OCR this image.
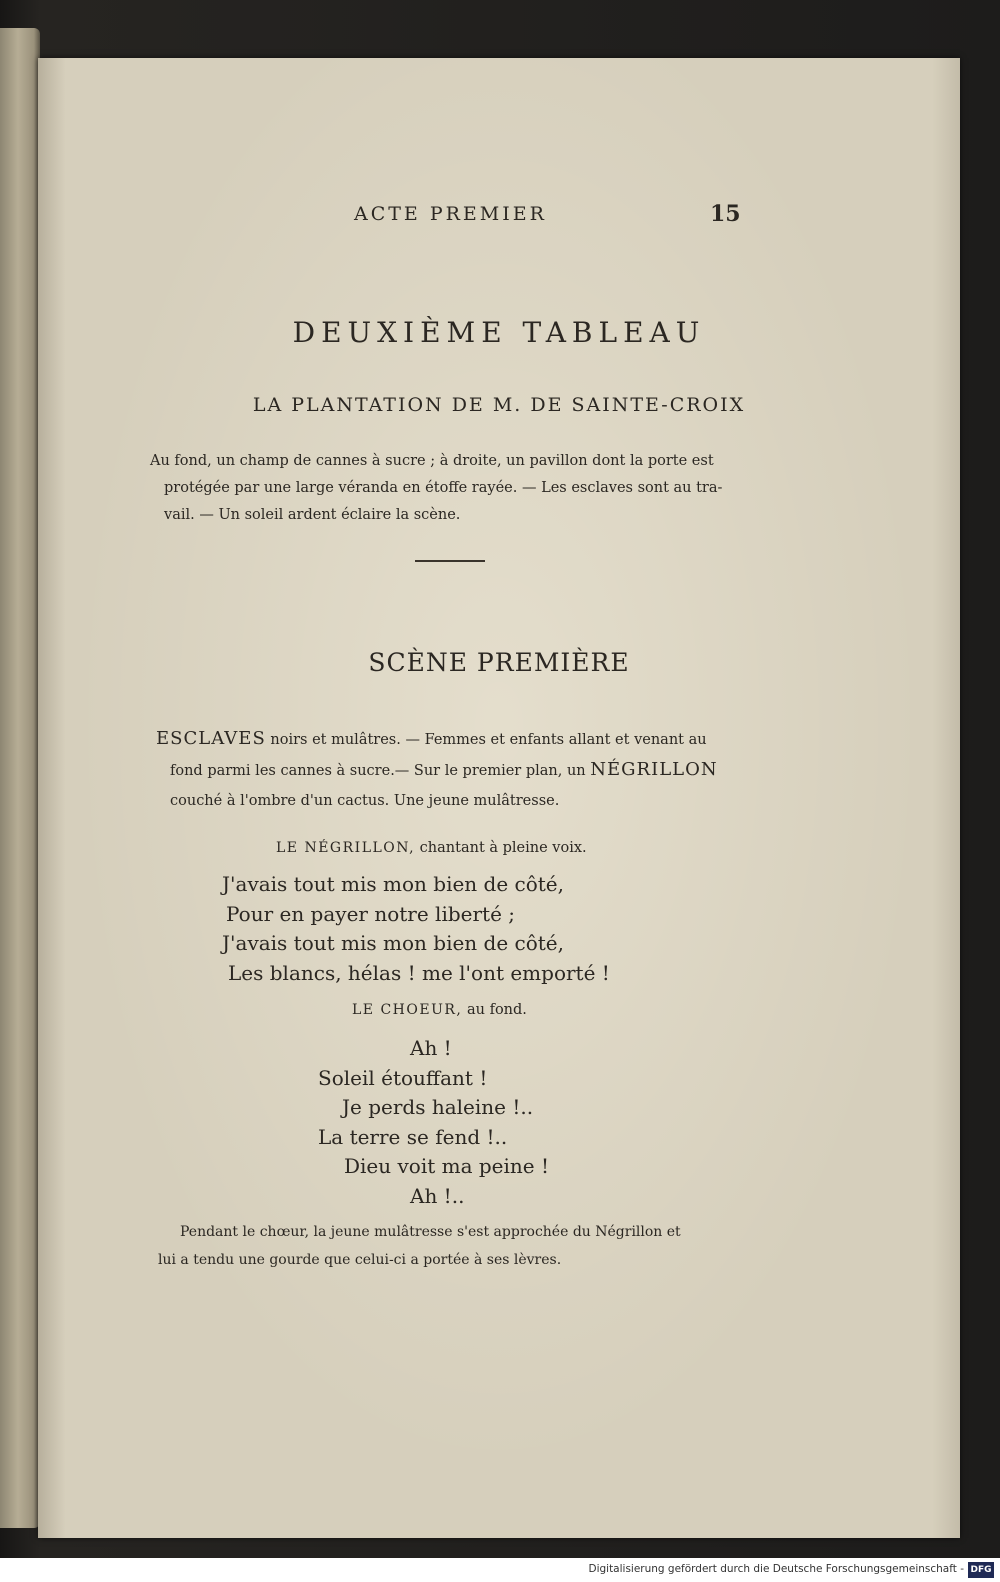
ACTE PREMIER	15
DEUXIÈME TABLEAU
LA PLANTATION DE M. DE SAINTE-CROIX
Au fond, un champ de cannes à sucre ; à droite, un pavillon dont la porte est
protégée par une large véranda en étoffe rayée. — Les esclaves sont au tra-
vail. — Un soleil ardent éclaire la scène.
SCÈNE PREMIÈRE
ESCLAVES noirs et mulâtres. — Femmes et enfants allant et venant au
fond parmi les cannes à sucre.— Sur le premier plan, un NÉGRILLON
couché à l'ombre d'un cactus. Une jeune mulâtresse.
LE NÉGRILLON, chantant à pleine voix.
J'avais tout mis mon bien de côté,
Pour en payer notre liberté ;
J'avais tout mis mon bien de côté,
Les blancs, hélas ! me l'ont emporté !
LE CHOEUR, au fond.
Ah !
Soleil étouffant !
Je perds haleine !..
La terre se fend !..
Dieu voit ma peine !
Ah !..
Pendant le chœur, la jeune mulâtresse s'est approchée du Négrillon et
lui a tendu une gourde que celui-ci a portée à ses lèvres.
Digitalisierung gefördert durch die Deutsche Forschungsgemeinschaft - DFG
